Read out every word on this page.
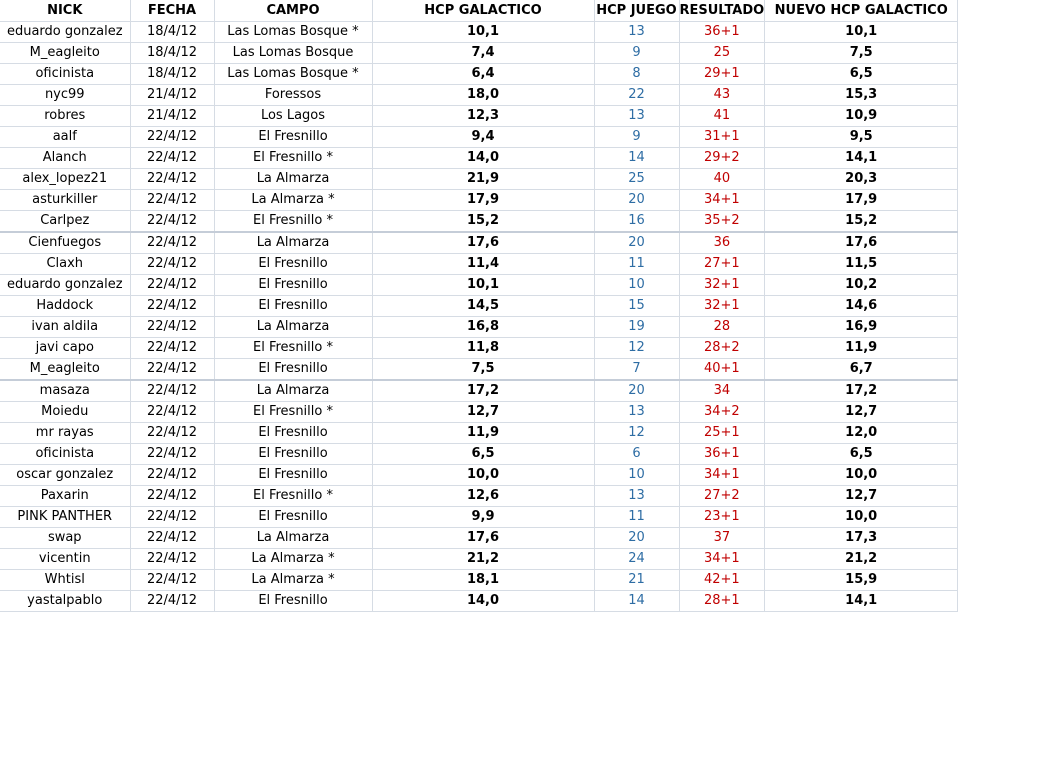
NICK	FECHA	CAMPO	HCP GALACTICO	HCP JUEGO	RESULTADO	NUEVO HCP GALACTICO
eduardo gonzalez	18/4/12	Las Lomas Bosque *	10,1	13	36+1	10,1
M_eagleito	18/4/12	Las Lomas Bosque	7,4	9	25	7,5
oficinista	18/4/12	Las Lomas Bosque *	6,4	8	29+1	6,5
nyc99	21/4/12	Foressos	18,0	22	43	15,3
robres	21/4/12	Los Lagos	12,3	13	41	10,9
aalf	22/4/12	El Fresnillo	9,4	9	31+1	9,5
Alanch	22/4/12	El Fresnillo *	14,0	14	29+2	14,1
alex_lopez21	22/4/12	La Almarza	21,9	25	40	20,3
asturkiller	22/4/12	La Almarza *	17,9	20	34+1	17,9
Carlpez	22/4/12	El Fresnillo *	15,2	16	35+2	15,2
Cienfuegos	22/4/12	La Almarza	17,6	20	36	17,6
Claxh	22/4/12	El Fresnillo	11,4	11	27+1	11,5
eduardo gonzalez	22/4/12	El Fresnillo	10,1	10	32+1	10,2
Haddock	22/4/12	El Fresnillo	14,5	15	32+1	14,6
ivan aldila	22/4/12	La Almarza	16,8	19	28	16,9
javi capo	22/4/12	El Fresnillo *	11,8	12	28+2	11,9
M_eagleito	22/4/12	El Fresnillo	7,5	7	40+1	6,7
masaza	22/4/12	La Almarza	17,2	20	34	17,2
Moiedu	22/4/12	El Fresnillo *	12,7	13	34+2	12,7
mr rayas	22/4/12	El Fresnillo	11,9	12	25+1	12,0
oficinista	22/4/12	El Fresnillo	6,5	6	36+1	6,5
oscar gonzalez	22/4/12	El Fresnillo	10,0	10	34+1	10,0
Paxarin	22/4/12	El Fresnillo *	12,6	13	27+2	12,7
PINK PANTHER	22/4/12	El Fresnillo	9,9	11	23+1	10,0
swap	22/4/12	La Almarza	17,6	20	37	17,3
vicentin	22/4/12	La Almarza *	21,2	24	34+1	21,2
Whtisl	22/4/12	La Almarza *	18,1	21	42+1	15,9
yastalpablo	22/4/12	El Fresnillo	14,0	14	28+1	14,1
